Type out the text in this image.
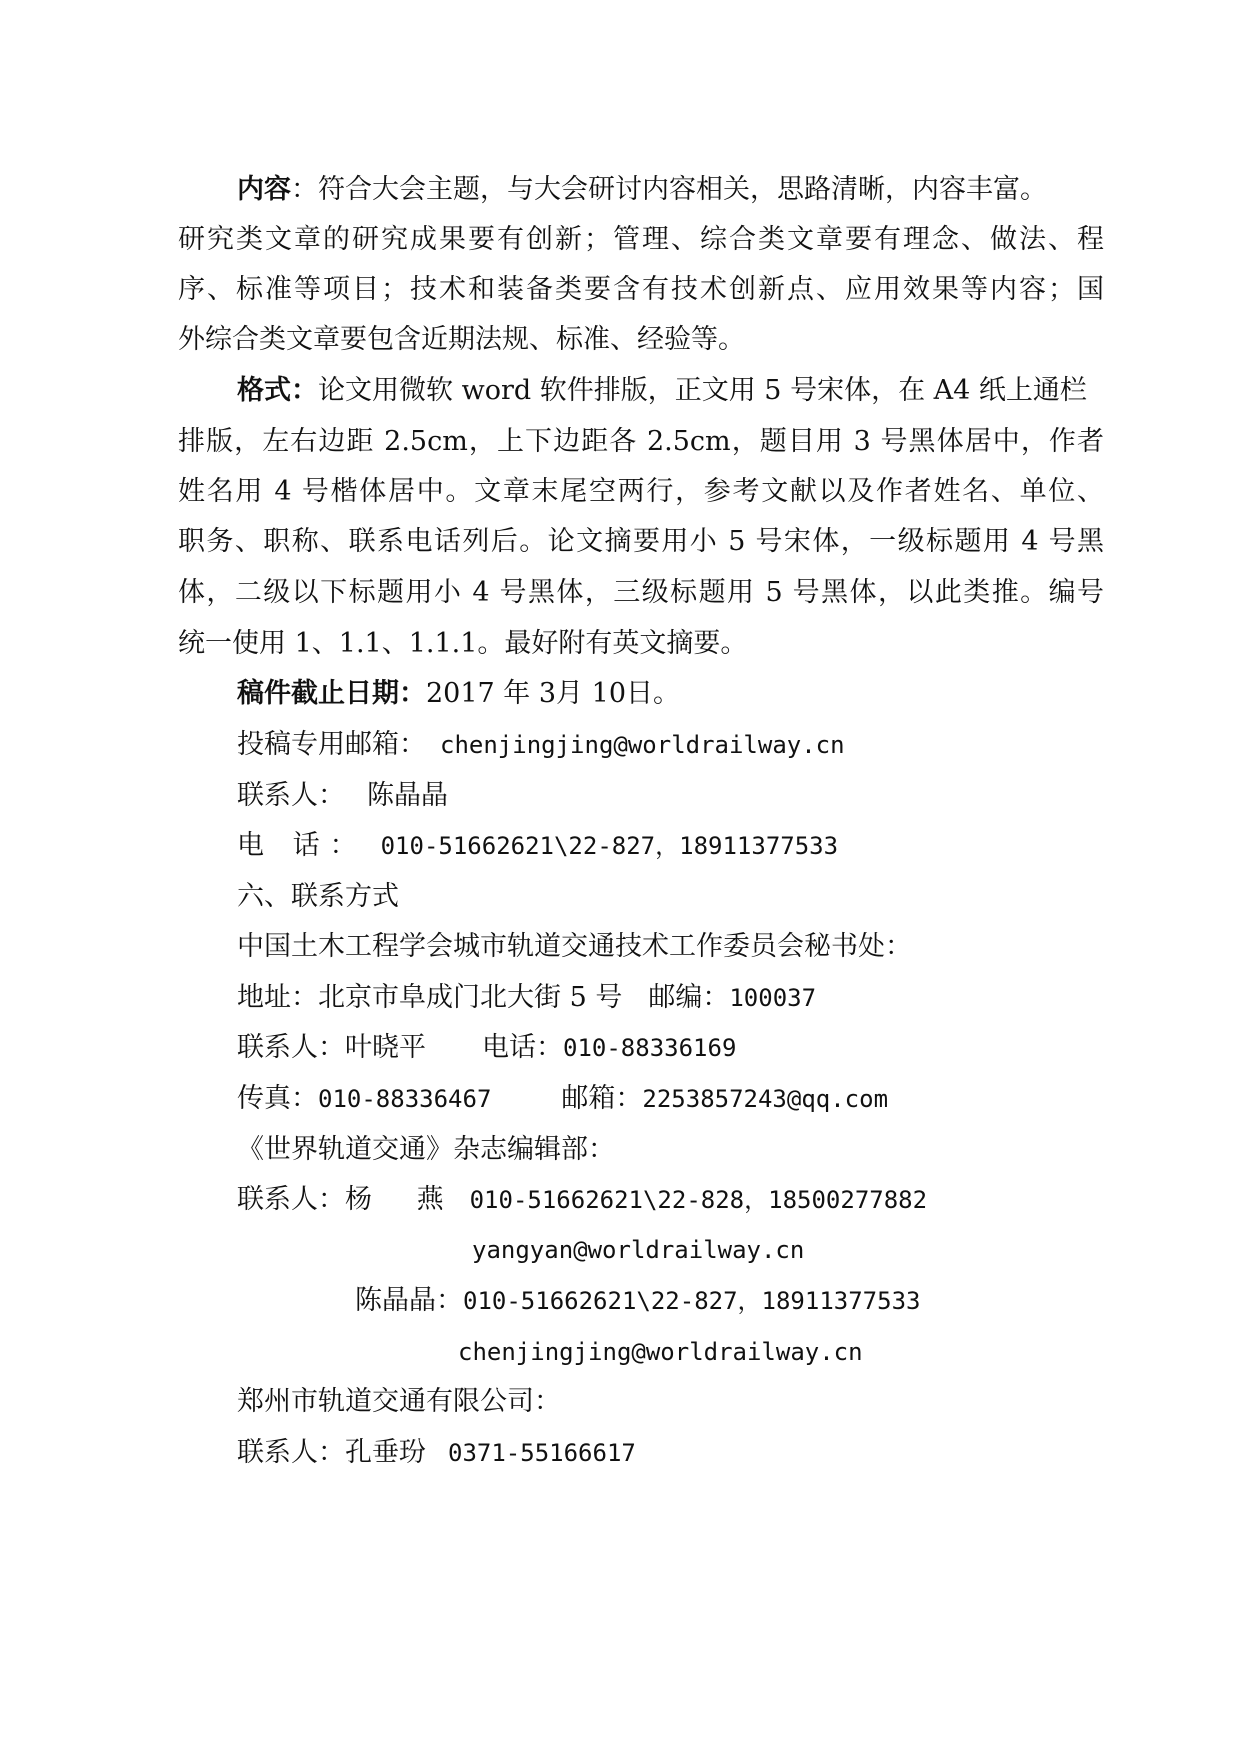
内容：符合大会主题，与大会研讨内容相关，思路清晰，内容丰富。
研究类文章的研究成果要有创新；管理、综合类文章要有理念、做法、程
序、标准等项目；技术和装备类要含有技术创新点、应用效果等内容；国
外综合类文章要包含近期法规、标准、经验等。
格式：论文用微软 word 软件排版，正文用 5 号宋体，在 A4 纸上通栏
排版，左右边距 2.5cm，上下边距各 2.5cm，题目用 3 号黑体居中，作者
姓名用 4 号楷体居中。文章末尾空两行，参考文献以及作者姓名、单位、
职务、职称、联系电话列后。论文摘要用小 5 号宋体，一级标题用 4 号黑
体，二级以下标题用小 4 号黑体，三级标题用 5 号黑体，以此类推。编号
统一使用 1、1.1、1.1.1。最好附有英文摘要。
稿件截止日期：2017 年 3月 10日。
投稿专用邮箱： chenjingjing@worldrailway.cn
联系人： 陈晶晶
电 话： 010-51662621\22-827，18911377533
六、联系方式
中国土木工程学会城市轨道交通技术工作委员会秘书处：
地址：北京市阜成门北大街 5 号 邮编：100037
联系人：叶晓平 电话：010-88336169
传真：010-88336467	邮箱：2253857243@qq.com
《世界轨道交通》杂志编辑部：
联系人：杨 燕 010-51662621\22-828，18500277882
yangyan@worldrailway.cn
陈晶晶：010-51662621\22-827，18911377533
chenjingjing@worldrailway.cn
郑州市轨道交通有限公司：
联系人：孔垂玢 0371-55166617
